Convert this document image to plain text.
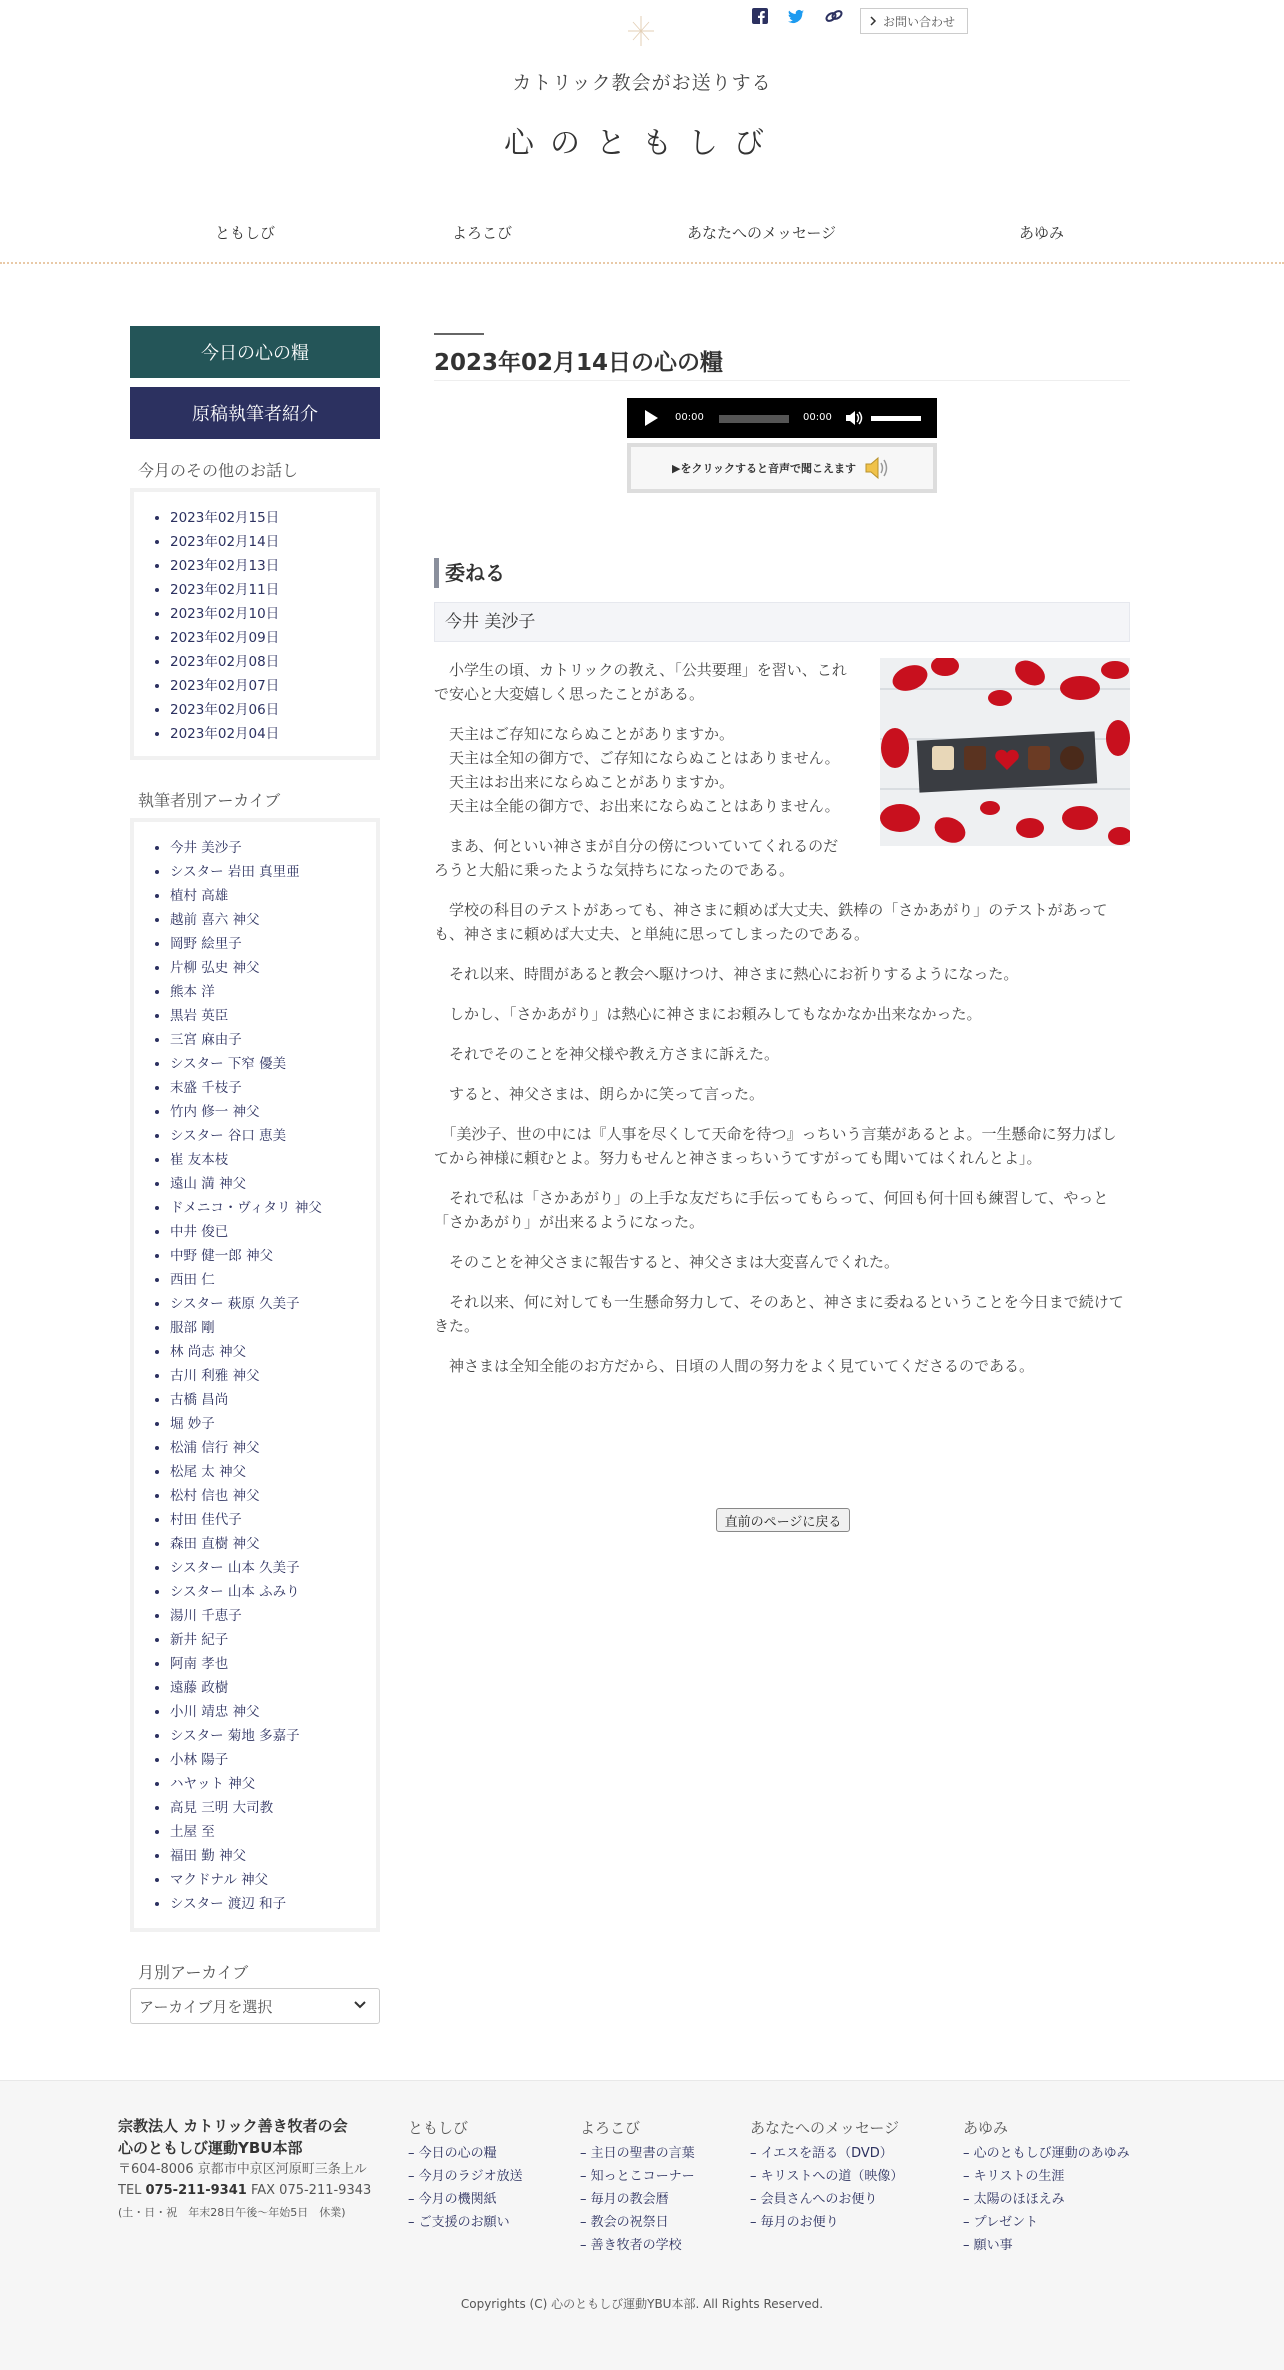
お問い合わせ
カトリック教会がお送りする
心のともしび
ともしび	よろこび	あなたへのメッセージ	あゆみ
今日の心の糧
原稿執筆者紹介
今月のその他のお話し
• 2023年02月15日
• 2023年02月14日
• 2023年02月13日
• 2023年02月11日
• 2023年02月10日
• 2023年02月09日
• 2023年02月08日
• 2023年02月07日
• 2023年02月06日
• 2023年02月04日
執筆者別アーカイブ
• 今井 美沙子
• シスター 岩田 真里亜
• 植村 高雄
• 越前 喜六 神父
• 岡野 絵里子
• 片柳 弘史 神父
• 熊本 洋
• 黒岩 英臣
• 三宮 麻由子
• シスター 下窄 優美
• 末盛 千枝子
• 竹内 修一 神父
• シスター 谷口 恵美
• 崔 友本枝
• 遠山 満 神父
• ドメニコ・ヴィタリ 神父
• 中井 俊已
• 中野 健一郎 神父
• 西田 仁
• シスター 萩原 久美子
• 服部 剛
• 林 尚志 神父
• 古川 利雅 神父
• 古橋 昌尚
• 堀 妙子
• 松浦 信行 神父
• 松尾 太 神父
• 松村 信也 神父
• 村田 佳代子
• 森田 直樹 神父
• シスター 山本 久美子
• シスター 山本 ふみり
• 湯川 千恵子
• 新井 紀子
• 阿南 孝也
• 遠藤 政樹
• 小川 靖忠 神父
• シスター 菊地 多嘉子
• 小林 陽子
• ハヤット 神父
• 高見 三明 大司教
• 土屋 至
• 福田 勤 神父
• マクドナル 神父
• シスター 渡辺 和子
月別アーカイブ
アーカイブ月を選択
2023年02月14日の心の糧
00:00	00:00
▶をクリックすると音声で聞こえます
委ねる
今井 美沙子

　小学生の頃、カトリックの教え、「公共要理」を習い、これで安心と大変嬉しく思ったことがある。

　天主はご存知にならぬことがありますか。
　天主は全知の御方で、ご存知にならぬことはありません。
　天主はお出来にならぬことがありますか。
　天主は全能の御方で、お出来にならぬことはありません。

　まあ、何といい神さまが自分の傍についていてくれるのだろうと大船に乗ったような気持ちになったのである。

　学校の科目のテストがあっても、神さまに頼めば大丈夫、鉄棒の「さかあがり」のテストがあっても、神さまに頼めば大丈夫、と単純に思ってしまったのである。

　それ以来、時間があると教会へ駆けつけ、神さまに熱心にお祈りするようになった。

　しかし、「さかあがり」は熱心に神さまにお頼みしてもなかなか出来なかった。

　それでそのことを神父様や教え方さまに訴えた。

　すると、神父さまは、朗らかに笑って言った。

　「美沙子、世の中には『人事を尽くして天命を待つ』っちいう言葉があるとよ。一生懸命に努力ばしてから神様に頼むとよ。努力もせんと神さまっちいうてすがっても聞いてはくれんとよ」。

　それで私は「さかあがり」の上手な友だちに手伝ってもらって、何回も何十回も練習して、やっと「さかあがり」が出来るようになった。

　そのことを神父さまに報告すると、神父さまは大変喜んでくれた。

　それ以来、何に対しても一生懸命努力して、そのあと、神さまに委ねるということを今日まで続けてきた。

　神さまは全知全能のお方だから、日頃の人間の努力をよく見ていてくださるのである。

直前のページに戻る
宗教法人 カトリック善き牧者の会
心のともしび運動YBU本部
〒604-8006 京都市中京区河原町三条上ル
TEL 075-211-9341 FAX 075-211-9343
(土・日・祝　年末28日午後〜年始5日　休業)
ともしび
– 今日の心の糧
– 今月のラジオ放送
– 今月の機関紙
– ご支援のお願い
よろこび
– 主日の聖書の言葉
– 知っとこコーナー
– 毎月の教会暦
– 教会の祝祭日
– 善き牧者の学校
あなたへのメッセージ
– イエスを語る（DVD）
– キリストへの道（映像）
– 会員さんへのお便り
– 毎月のお便り
あゆみ
– 心のともしび運動のあゆみ
– キリストの生涯
– 太陽のほほえみ
– プレゼント
– 願い事
Copyrights (C) 心のともしび運動YBU本部. All Rights Reserved.
